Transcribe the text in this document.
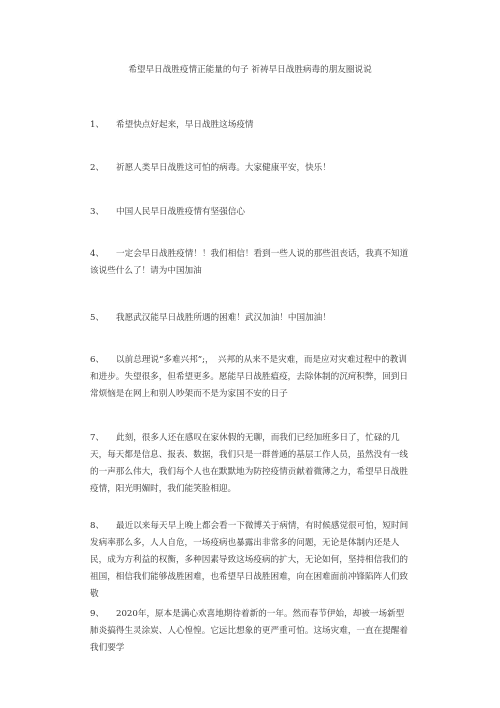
希望早日战胜疫情正能量的句子 祈祷早日战胜病毒的朋友圈说说

1、 希望快点好起来，早日战胜这场疫情

2、 祈愿人类早日战胜这可怕的病毒。大家健康平安，快乐！

3、 中国人民早日战胜疫情有坚强信心

4、 一定会早日战胜疫情！！我们相信！看到一些人说的那些沮丧话，我真不知道该说些什么了！请为中国加油

5、 我愿武汉能早日战胜所遇的困难！武汉加油！中国加油！

6、 以前总理说“多难兴邦”;，　兴邦的从来不是灾难，而是应对灾难过程中的教训和进步。失望很多，但希望更多。愿能早日战胜瘟疫，去除体制的沉疴积弊，回到日常烦恼是在网上和别人吵架而不是为家国不安的日子

7、 此刻，很多人还在感叹在家休假的无聊，而我们已经加班多日了，忙碌的几天，每天都是信息、报表、数据，我们只是一群普通的基层工作人员，虽然没有一线的一声那么伟大，我们每个人也在默默地为防控疫情贡献着微薄之力，希望早日战胜疫情，阳光明媚时，我们能笑脸相迎。

8、 最近以来每天早上晚上都会看一下微博关于病情，有时候感觉很可怕，短时间发病率那么多，人人自危，一场疫病也暴露出非常多的问题，无论是体制内还是人民，成为方利益的权衡，多种因素导致这场疫病的扩大，无论如何，坚持相信我们的祖国，相信我们能够战胜困难，也希望早日战胜困难，向在困难面前冲锋陷阵人们致敬

9、 2020年，原本是满心欢喜地期待着新的一年。然而春节伊始，却被一场新型肺炎搞得生灵涂炭、人心惶惶。它远比想象的更严重可怕。这场灾难，一直在提醒着我们要学
